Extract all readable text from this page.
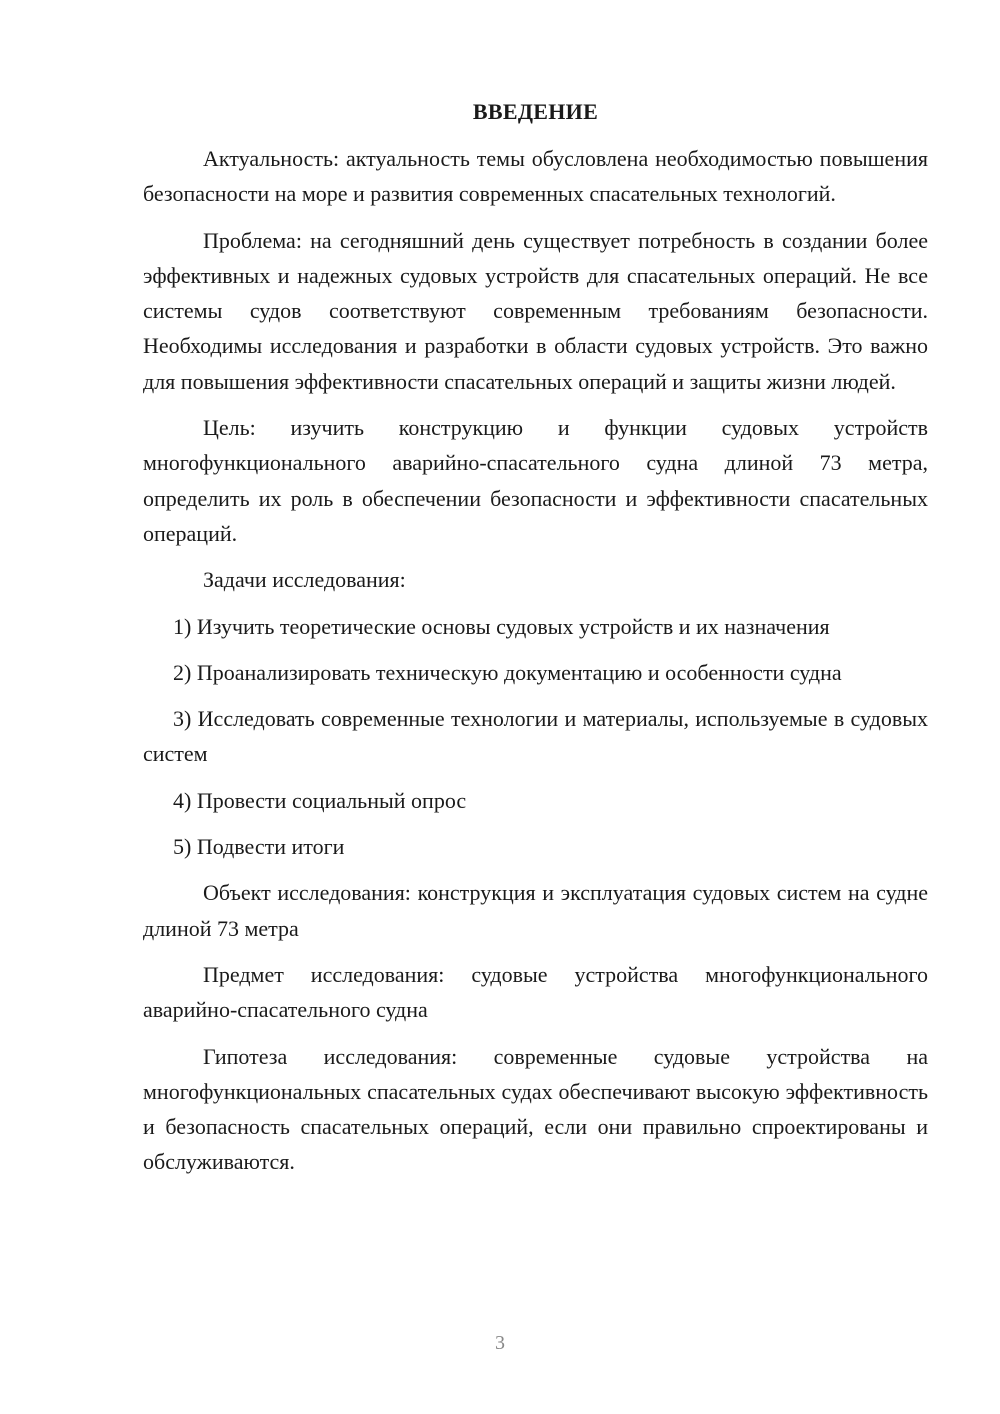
ВВЕДЕНИЕ

Актуальность: актуальность темы обусловлена необходимостью повышения безопасности на море и развития современных спасательных технологий.

Проблема: на сегодняшний день существует потребность в создании более эффективных и надежных судовых устройств для спасательных операций. Не все системы судов соответствуют современным требованиям безопасности. Необходимы исследования и разработки в области судовых устройств. Это важно для повышения эффективности спасательных операций и защиты жизни людей.

Цель: изучить конструкцию и функции судовых устройств многофункционального аварийно-спасательного судна длиной 73 метра, определить их роль в обеспечении безопасности и эффективности спасательных операций.

Задачи исследования:

1) Изучить теоретические основы судовых устройств и их назначения

2) Проанализировать техническую документацию и особенности судна

3) Исследовать современные технологии и материалы, используемые в судовых систем

4) Провести социальный опрос

5) Подвести итоги

Объект исследования: конструкция и эксплуатация судовых систем на судне длиной 73 метра

Предмет исследования: судовые устройства многофункционального аварийно-спасательного судна

Гипотеза исследования: современные судовые устройства на многофункциональных спасательных судах обеспечивают высокую эффективность и безопасность спасательных операций, если они правильно спроектированы и обслуживаются.

3
